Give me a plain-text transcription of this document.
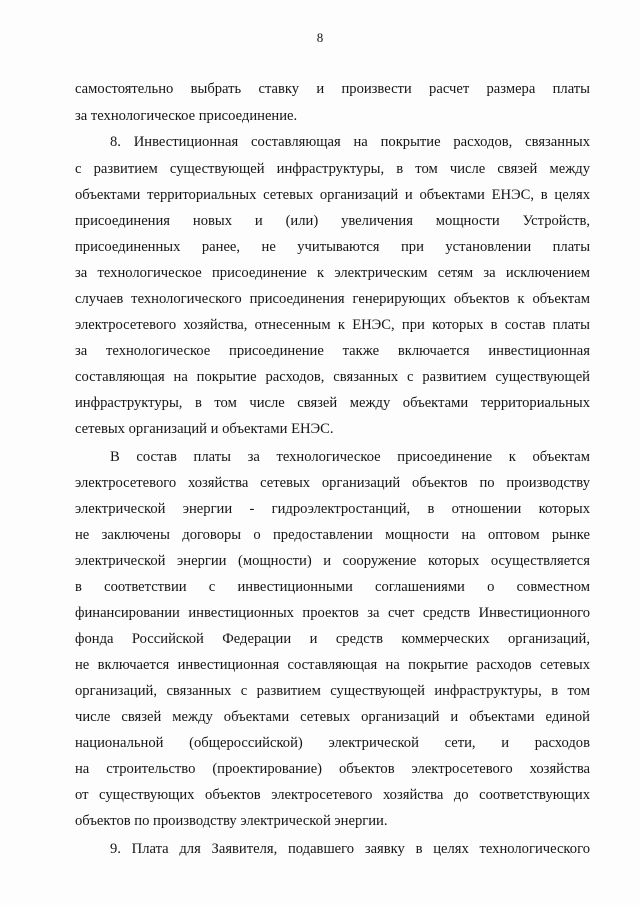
8
самостоятельно выбрать ставку и произвести расчет размера платы
за технологическое присоединение.
8. Инвестиционная составляющая на покрытие расходов, связанных
с развитием существующей инфраструктуры, в том числе связей между
объектами территориальных сетевых организаций и объектами ЕНЭС, в целях
присоединения новых и (или) увеличения мощности Устройств,
присоединенных ранее, не учитываются при установлении платы
за технологическое присоединение к электрическим сетям за исключением
случаев технологического присоединения генерирующих объектов к объектам
электросетевого хозяйства, отнесенным к ЕНЭС, при которых в состав платы
за технологическое присоединение также включается инвестиционная
составляющая на покрытие расходов, связанных с развитием существующей
инфраструктуры, в том числе связей между объектами территориальных
сетевых организаций и объектами ЕНЭС.
В состав платы за технологическое присоединение к объектам
электросетевого хозяйства сетевых организаций объектов по производству
электрической энергии - гидроэлектростанций, в отношении которых
не заключены договоры о предоставлении мощности на оптовом рынке
электрической энергии (мощности) и сооружение которых осуществляется
в соответствии с инвестиционными соглашениями о совместном
финансировании инвестиционных проектов за счет средств Инвестиционного
фонда Российской Федерации и средств коммерческих организаций,
не включается инвестиционная составляющая на покрытие расходов сетевых
организаций, связанных с развитием существующей инфраструктуры, в том
числе связей между объектами сетевых организаций и объектами единой
национальной (общероссийской) электрической сети, и расходов
на строительство (проектирование) объектов электросетевого хозяйства
от существующих объектов электросетевого хозяйства до соответствующих
объектов по производству электрической энергии.
9. Плата для Заявителя, подавшего заявку в целях технологического
